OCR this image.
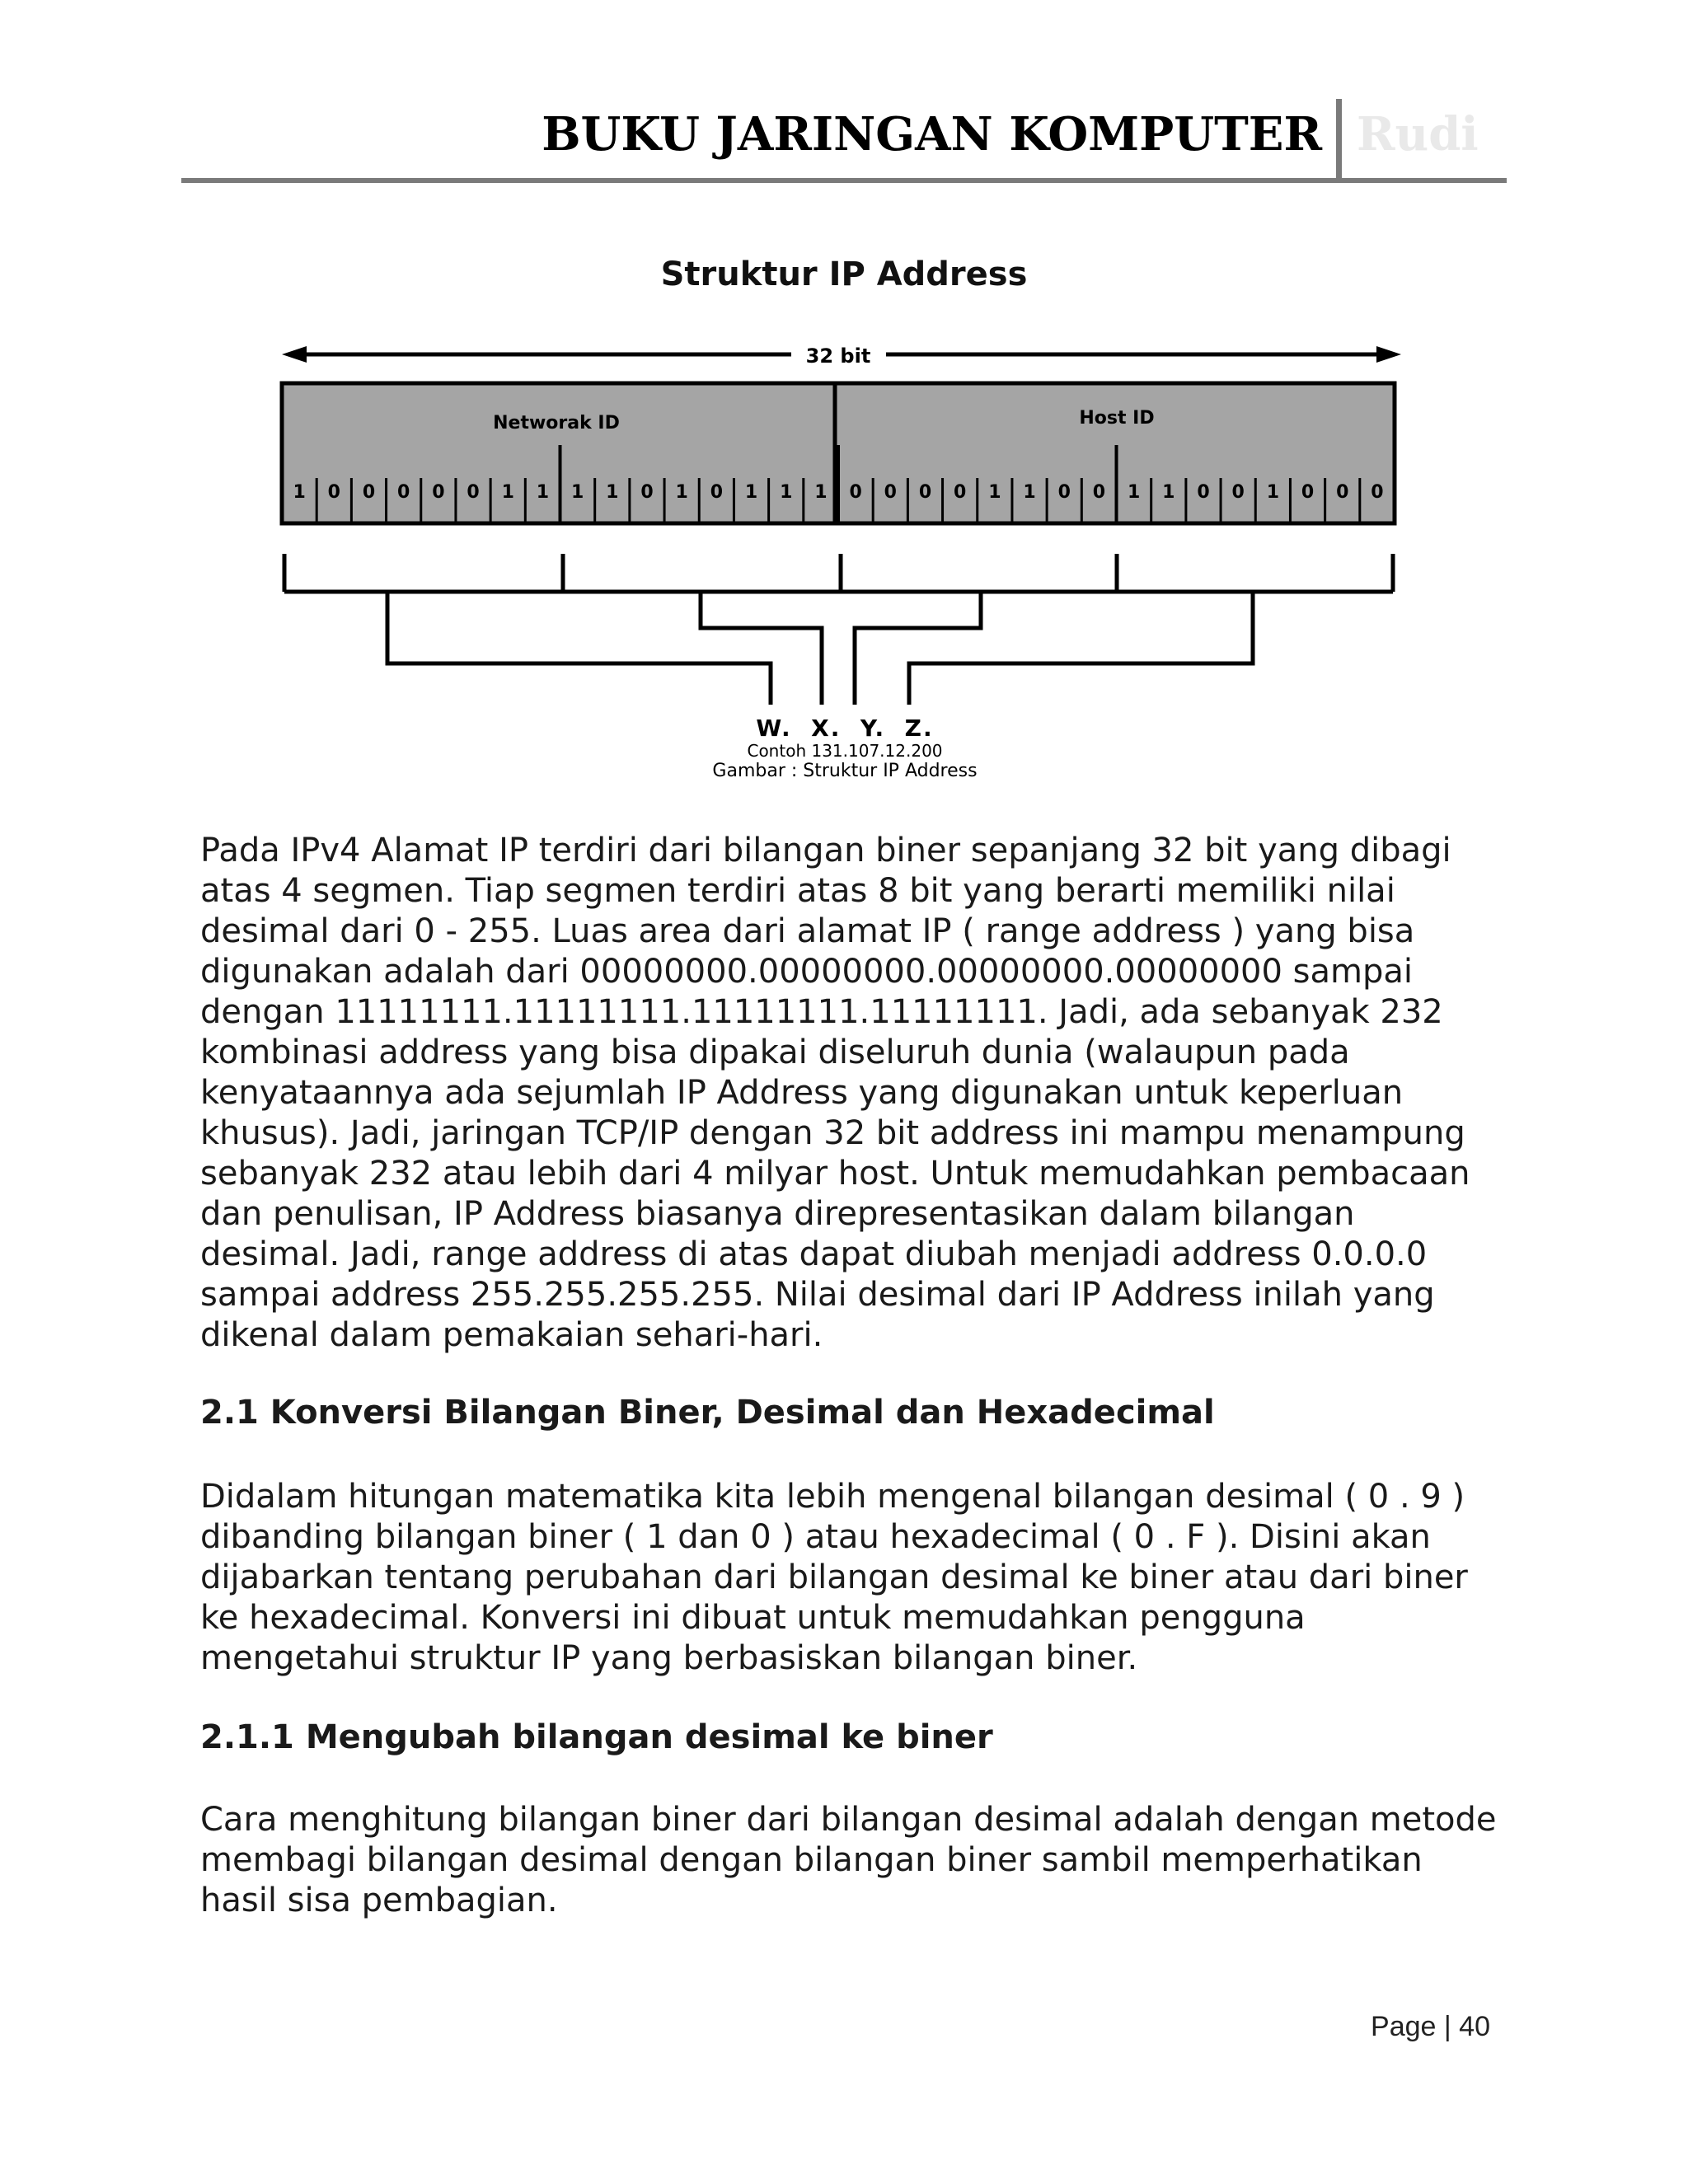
BUKU JARINGAN KOMPUTER Rudi
Struktur IP Address
32 bit
Networak ID	Host ID
1 0 0 0 0 0 1 1 1 1 0 1 0 1 1 1 0 0 0 0 1 1 0 0 1 1 0 0 1 0 0 0
W.  X.  Y.  Z.
Contoh 131.107.12.200
Gambar : Struktur IP Address

Pada IPv4 Alamat IP terdiri dari bilangan biner sepanjang 32 bit yang dibagi atas 4 segmen. Tiap segmen terdiri atas 8 bit yang berarti memiliki nilai desimal dari 0 - 255. Luas area dari alamat IP ( range address ) yang bisa digunakan adalah dari 00000000.00000000.00000000.00000000 sampai dengan 11111111.11111111.11111111.11111111. Jadi, ada sebanyak 232 kombinasi address yang bisa dipakai diseluruh dunia (walaupun pada kenyataannya ada sejumlah IP Address yang digunakan untuk keperluan khusus). Jadi, jaringan TCP/IP dengan 32 bit address ini mampu menampung sebanyak 232 atau lebih dari 4 milyar host. Untuk memudahkan pembacaan dan penulisan, IP Address biasanya direpresentasikan dalam bilangan desimal. Jadi, range address di atas dapat diubah menjadi address 0.0.0.0 sampai address 255.255.255.255. Nilai desimal dari IP Address inilah yang dikenal dalam pemakaian sehari-hari.

2.1 Konversi Bilangan Biner, Desimal dan Hexadecimal

Didalam hitungan matematika kita lebih mengenal bilangan desimal ( 0 . 9 ) dibanding bilangan biner ( 1 dan 0 ) atau hexadecimal ( 0 . F ). Disini akan dijabarkan tentang perubahan dari bilangan desimal ke biner atau dari biner ke hexadecimal. Konversi ini dibuat untuk memudahkan pengguna mengetahui struktur IP yang berbasiskan bilangan biner.

2.1.1 Mengubah bilangan desimal ke biner

Cara menghitung bilangan biner dari bilangan desimal adalah dengan metode membagi bilangan desimal dengan bilangan biner sambil memperhatikan hasil sisa pembagian.

Page | 40
